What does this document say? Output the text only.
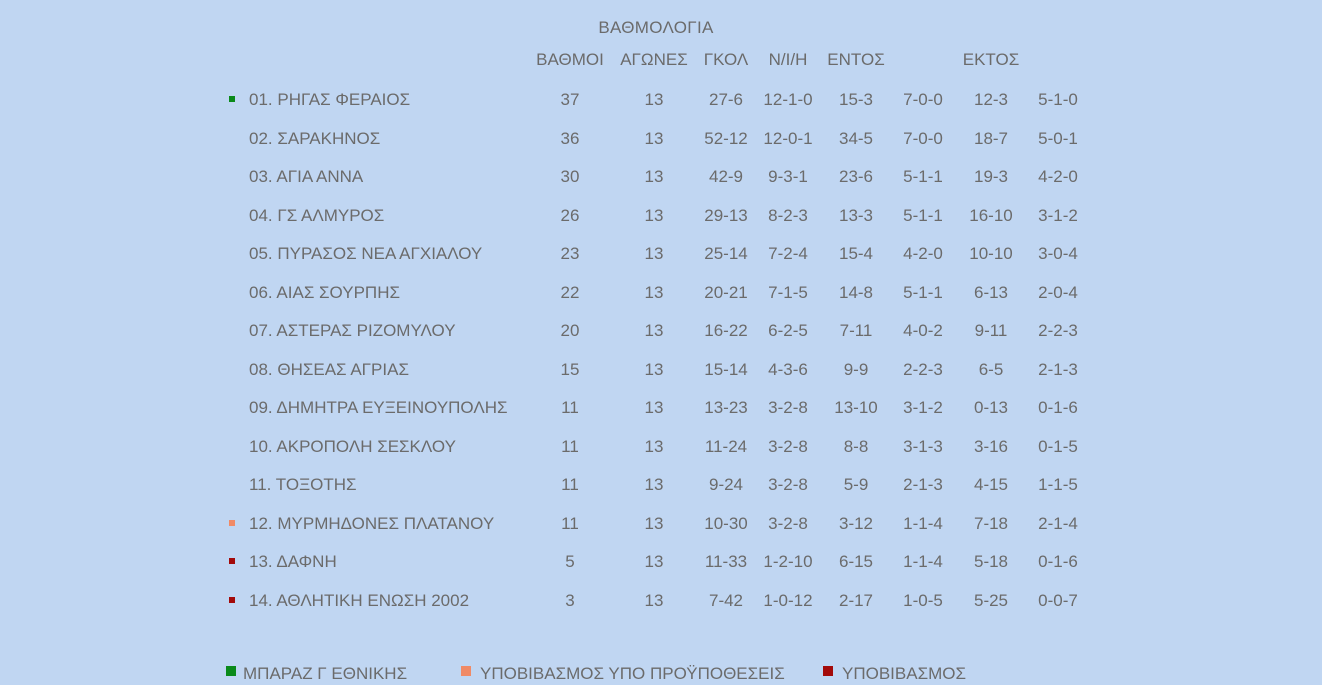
ΒΑΘΜΟΛΟΓΙΑ
ΒΑΘΜΟΙ ΑΓΩΝΕΣ ΓΚΟΛ	Ν/Ι/Η	ΕΝΤΟΣ	ΕΚΤΟΣ
01. ΡΗΓΑΣ ΦΕΡΑΙΟΣ	37	13	27-6	12-1-0	15-3	7-0-0	12-3	5-1-0
02. ΣΑΡΑΚΗΝΟΣ	36	13	52-12 12-0-1	34-5	7-0-0	18-7	5-0-1
03. ΑΓΙΑ ΑΝΝΑ	30	13	42-9	9-3-1	23-6	5-1-1	19-3	4-2-0
04. ΓΣ ΑΛΜΥΡΟΣ	26	13	29-13	8-2-3	13-3	5-1-1	16-10	3-1-2
05. ΠΥΡΑΣΟΣ ΝΕΑ ΑΓΧΙΑΛΟΥ	23	13	25-14	7-2-4	15-4	4-2-0	10-10	3-0-4
06. ΑΙΑΣ ΣΟΥΡΠΗΣ	22	13	20-21	7-1-5	14-8	5-1-1	6-13	2-0-4
07. ΑΣΤΕΡΑΣ ΡΙΖΟΜΥΛΟΥ	20	13	16-22	6-2-5	7-11	4-0-2	9-11	2-2-3
08. ΘΗΣΕΑΣ ΑΓΡΙΑΣ	15	13	15-14	4-3-6	9-9	2-2-3	6-5	2-1-3
09. ΔΗΜΗΤΡΑ ΕΥΞΕΙΝΟΥΠΟΛΗΣ	11	13	13-23	3-2-8	13-10	3-1-2	0-13	0-1-6
10. ΑΚΡΟΠΟΛΗ ΣΕΣΚΛΟΥ	11	13	11-24	3-2-8	8-8	3-1-3	3-16	0-1-5
11. ΤΟΞΟΤΗΣ	11	13	9-24	3-2-8	5-9	2-1-3	4-15	1-1-5
12. ΜΥΡΜΗΔΟΝΕΣ ΠΛΑΤΑΝΟΥ	11	13	10-30	3-2-8	3-12	1-1-4	7-18	2-1-4
13. ΔΑΦΝΗ	5	13	11-33 1-2-10	6-15	1-1-4	5-18	0-1-6
14. ΑΘΛΗΤΙΚΗ ΕΝΩΣΗ 2002	3	13	7-42	1-0-12	2-17	1-0-5	5-25	0-0-7
ΜΠΑΡΑΖ Γ ΕΘΝΙΚΗΣ	ΥΠΟΒΙΒΑΣΜΟΣ ΥΠΟ ΠΡΟΫΠΟΘΕΣΕΙΣ	ΥΠΟΒΙΒΑΣΜΟΣ
